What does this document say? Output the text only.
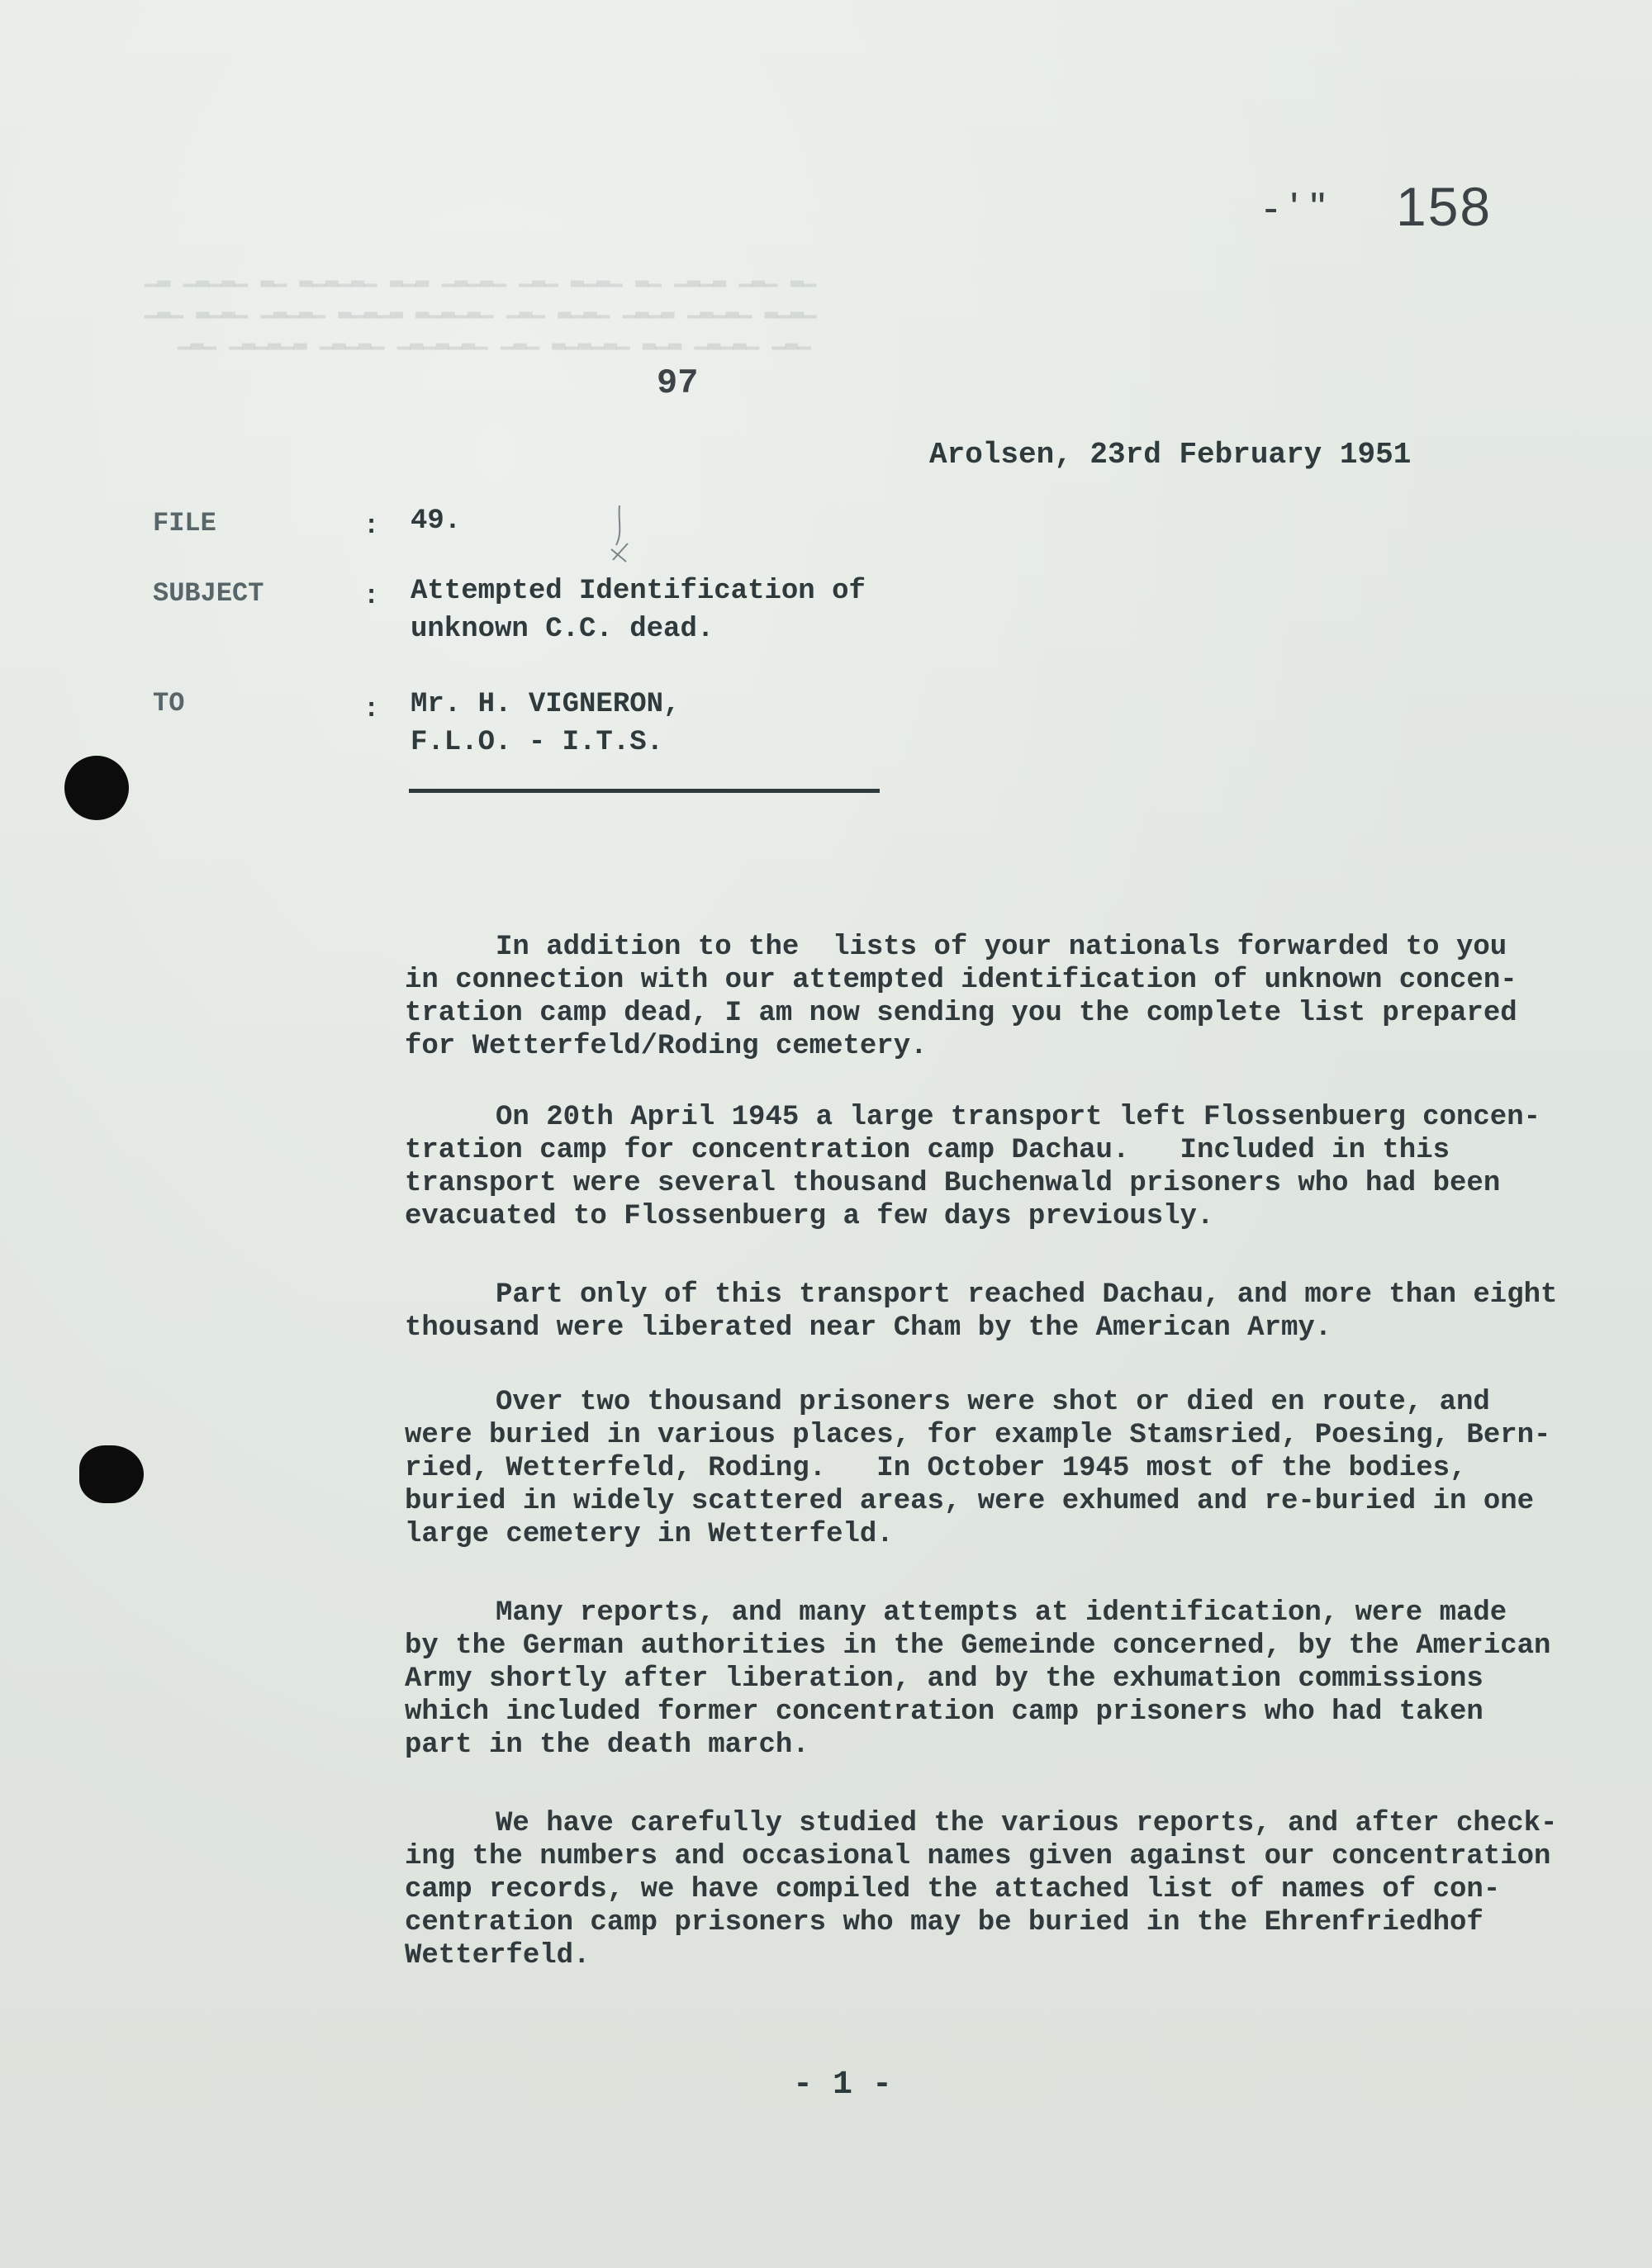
158
- ' "
▁▂ ▁▂▁ ▂▁▂▁ ▁▂ ▁▂▁▂ ▁▂▁ ▁▂▁▂▁ ▂▁▂ ▁▂▁▂▁▂ ▁▂ ▁▂▁▂▁ ▂▁
▁▂▁▂ ▁▂▁▂▁ ▂▁▂▁ ▁▂▁▂ ▁▂▁ ▁▂▁▂▁▂ ▂▁▂▁▂ ▁▂▁▂▁ ▁▂▁▂ ▁▂▁
▁▂▁ ▁▂▁▂▁ ▂▁▂ ▁▂▁▂▁▂ ▁▂▁ ▁▂▁▂▁▂▁ ▁▂▁▂▁ ▂▁▂▁▂▁ ▁▂▁
97
Arolsen, 23rd February 1951
FILE	: 49.
SUBJECT	: Attempted Identification of
unknown C.C. dead.
TO	: Mr. H. VIGNERON,
F.L.O. - I.T.S.

In addition to the  lists of your nationals forwarded to you
in connection with our attempted identification of unknown concen-
tration camp dead, I am now sending you the complete list prepared
for Wetterfeld/Roding cemetery.

On 20th April 1945 a large transport left Flossenbuerg concen-
tration camp for concentration camp Dachau.   Included in this
transport were several thousand Buchenwald prisoners who had been
evacuated to Flossenbuerg a few days previously.

Part only of this transport reached Dachau, and more than eight
thousand were liberated near Cham by the American Army.

Over two thousand prisoners were shot or died en route, and
were buried in various places, for example Stamsried, Poesing, Bern-
ried, Wetterfeld, Roding.   In October 1945 most of the bodies,
buried in widely scattered areas, were exhumed and re-buried in one
large cemetery in Wetterfeld.

Many reports, and many attempts at identification, were made
by the German authorities in the Gemeinde concerned, by the American
Army shortly after liberation, and by the exhumation commissions
which included former concentration camp prisoners who had taken
part in the death march.

We have carefully studied the various reports, and after check-
ing the numbers and occasional names given against our concentration
camp records, we have compiled the attached list of names of con-
centration camp prisoners who may be buried in the Ehrenfriedhof
Wetterfeld.
- 1 -
